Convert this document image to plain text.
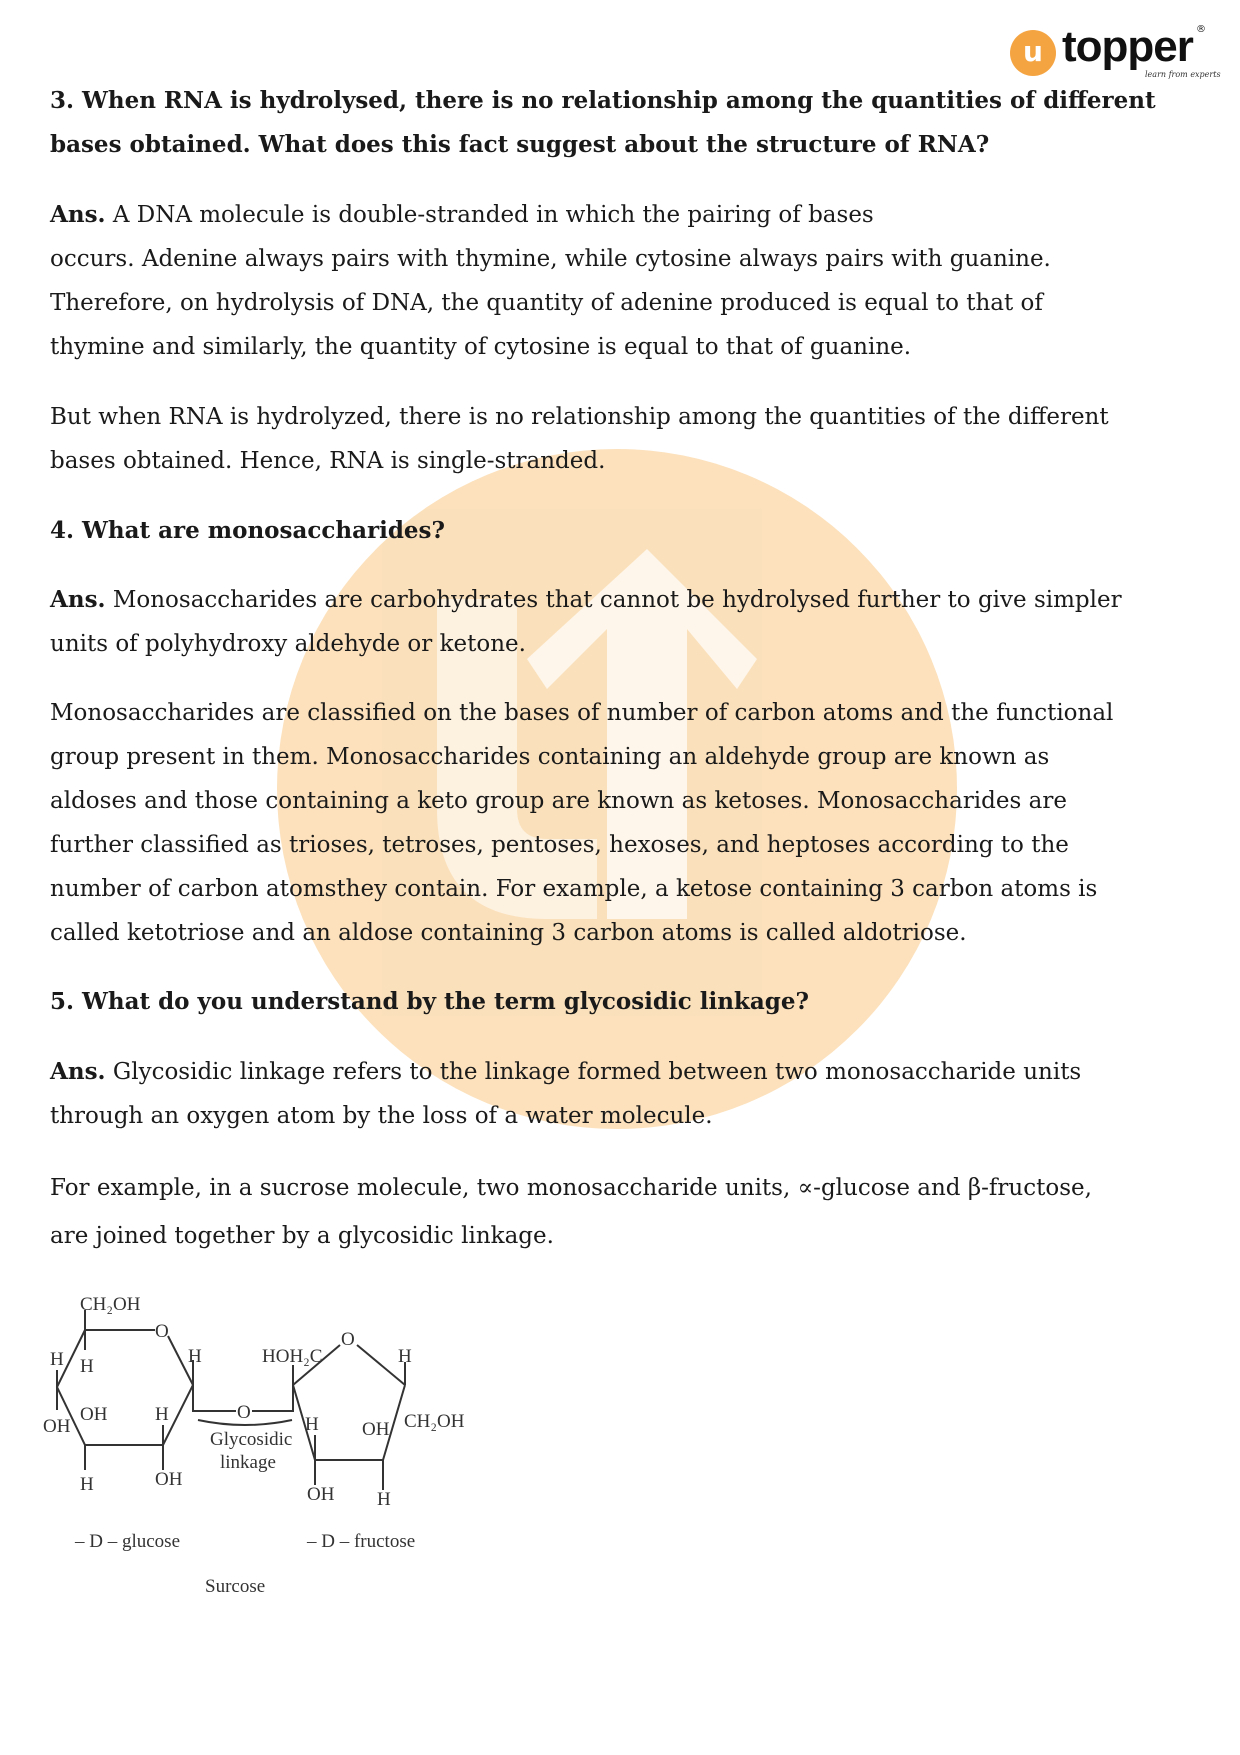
u topper ®
learn from experts
3. When RNA is hydrolysed, there is no relationship among the quantities of different
bases obtained. What does this fact suggest about the structure of RNA?
Ans. A DNA molecule is double-stranded in which the pairing of bases
occurs. Adenine always pairs with thymine, while cytosine always pairs with guanine.
Therefore, on hydrolysis of DNA, the quantity of adenine produced is equal to that of
thymine and similarly, the quantity of cytosine is equal to that of guanine.
But when RNA is hydrolyzed, there is no relationship among the quantities of the different
bases obtained. Hence, RNA is single-stranded.
4. What are monosaccharides?
Ans. Monosaccharides are carbohydrates that cannot be hydrolysed further to give simpler
units of polyhydroxy aldehyde or ketone.
Monosaccharides are classified on the bases of number of carbon atoms and the functional
group present in them. Monosaccharides containing an aldehyde group are known as
aldoses and those containing a keto group are known as ketoses. Monosaccharides are
further classified as trioses, tetroses, pentoses, hexoses, and heptoses according to the
number of carbon atomsthey contain. For example, a ketose containing 3 carbon atoms is
called ketotriose and an aldose containing 3 carbon atoms is called aldotriose.
5. What do you understand by the term glycosidic linkage?
Ans. Glycosidic linkage refers to the linkage formed between two monosaccharide units
through an oxygen atom by the loss of a water molecule.
For example, in a sucrose molecule, two monosaccharide units, ∝-glucose and β-fructose,
are joined together by a glycosidic linkage.
CH₂OH
O
H H	H
OH
OH	H
H	OH
O
Glycosidic
linkage
HOH₂C
O
H
H OH CH₂OH
OH H
– D – glucose	– D – fructose
Surcose
